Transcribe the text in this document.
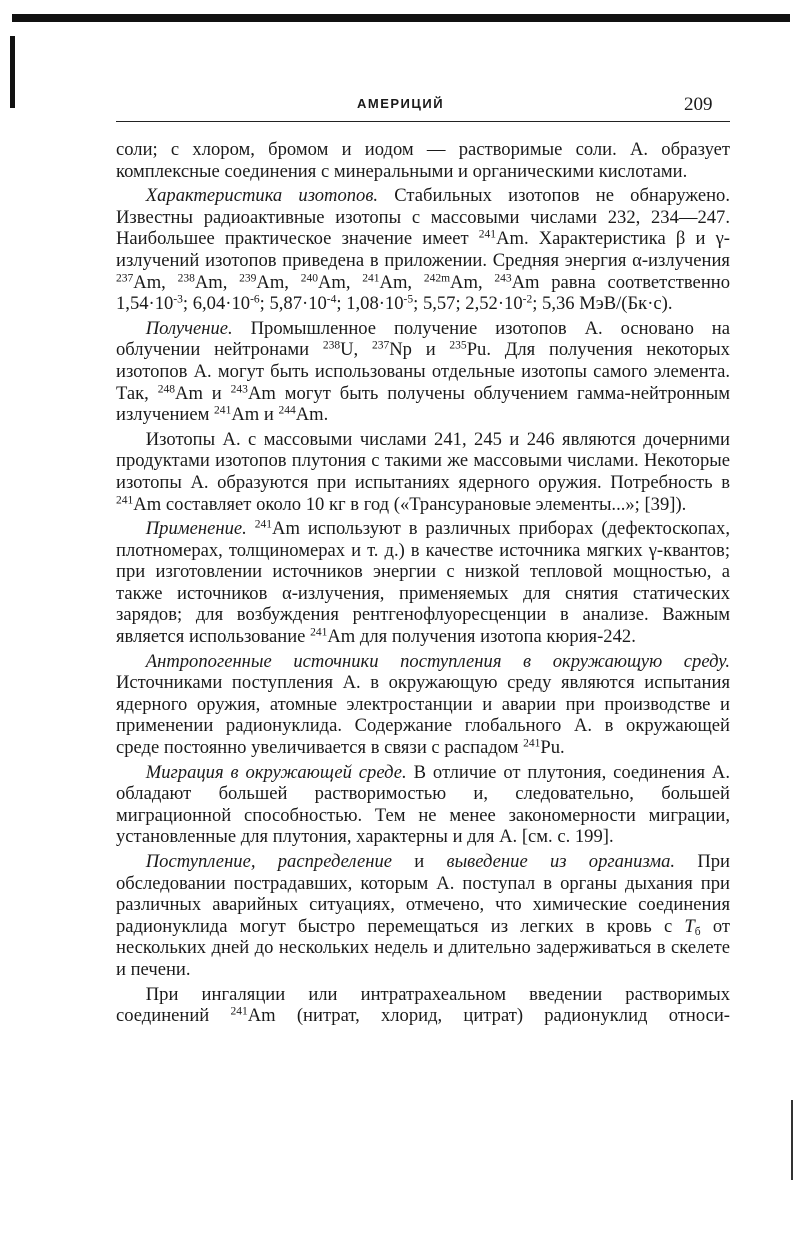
АМЕРИЦИЙ	209

соли; с хлором, бромом и иодом — растворимые соли. А. образует комплексные соединения с минеральными и органическими кислотами.

Характеристика изотопов. Стабильных изотопов не обнаружено. Известны радиоактивные изотопы с массовыми числами 232, 234—247. Наибольшее практическое значение имеет $^{241}$Am. Характеристика β и γ-излучений изотопов приведена в приложении. Средняя энергия α-излучения $^{237}$Am, $^{238}$Am, $^{239}$Am, $^{240}$Am, $^{241}$Am, $^{242m}$Am, $^{243}$Am равна соответственно $1,54\cdot 10^{-3}$; $6,04\cdot 10^{-6}$; $5,87\cdot 10^{-4}$; $1,08\cdot 10^{-5}$; 5,57; $2,52\cdot 10^{-2}$; 5,36 МэВ/(Бк·с).

Получение. Промышленное получение изотопов А. основано на облучении нейтронами $^{238}$U, $^{237}$Np и $^{235}$Pu. Для получения некоторых изотопов А. могут быть использованы отдельные изотопы самого элемента. Так, $^{248}$Am и $^{243}$Am могут быть получены облучением гамма-нейтронным излучением $^{241}$Am и $^{244}$Am.

Изотопы А. с массовыми числами 241, 245 и 246 являются дочерними продуктами изотопов плутония с такими же массовыми числами. Некоторые изотопы А. образуются при испытаниях ядерного оружия. Потребность в $^{241}$Am составляет около 10 кг в год («Трансурановые элементы...»; [39]).

Применение. $^{241}$Am используют в различных приборах (дефектоскопах, плотномерах, толщиномерах и т. д.) в качестве источника мягких γ-квантов; при изготовлении источников энергии с низкой тепловой мощностью, а также источников α-излучения, применяемых для снятия статических зарядов; для возбуждения рентгенофлуоресценции в анализе. Важным является использование $^{241}$Am для получения изотопа кюрия-242.

Антропогенные источники поступления в окружающую среду. Источниками поступления А. в окружающую среду являются испытания ядерного оружия, атомные электростанции и аварии при производстве и применении радионуклида. Содержание глобального А. в окружающей среде постоянно увеличивается в связи с распадом $^{241}$Pu.

Миграция в окружающей среде. В отличие от плутония, соединения А. обладают большей растворимостью и, следовательно, большей миграционной способностью. Тем не менее закономерности миграции, установленные для плутония, характерны и для А. [см. с. 199].

Поступление, распределение и выведение из организма. При обследовании пострадавших, которым А. поступал в органы дыхания при различных аварийных ситуациях, отмечено, что химические соединения радионуклида могут быстро перемещаться из легких в кровь с $T_б$ от нескольких дней до нескольких недель и длительно задерживаться в скелете и печени.

При ингаляции или интратрахеальном введении растворимых соединений $^{241}$Am (нитрат, хлорид, цитрат) радионуклид относи-
